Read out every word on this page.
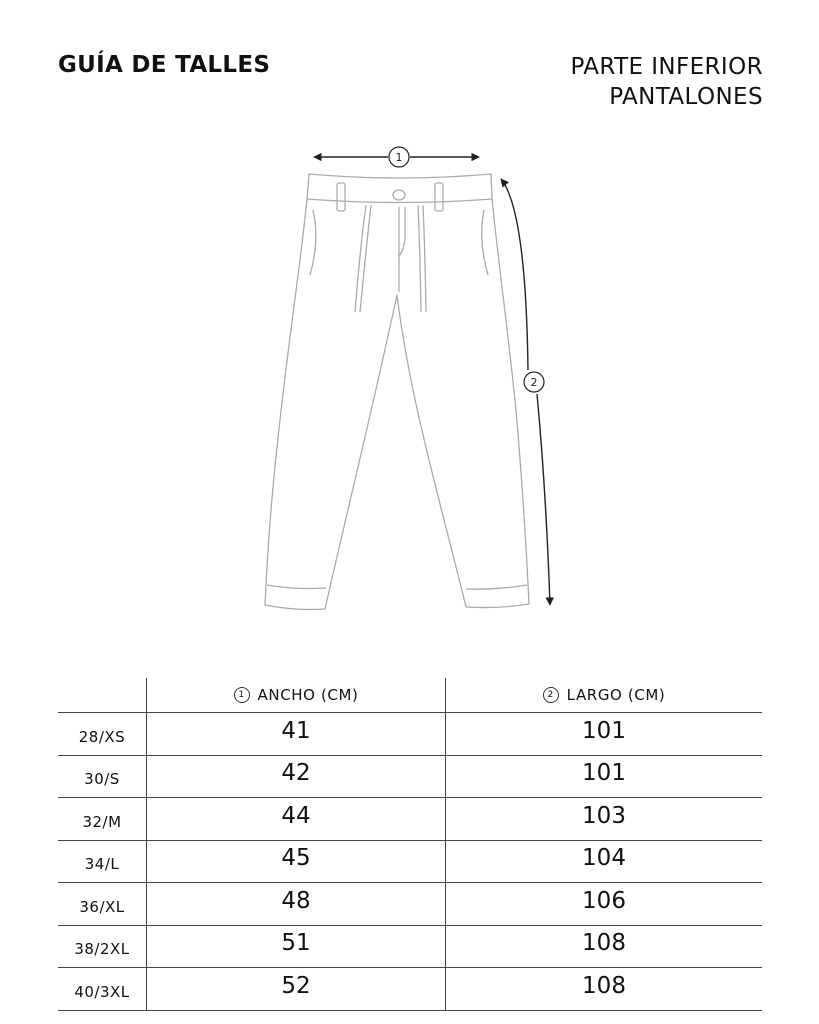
GUÍA DE TALLES	PARTE INFERIOR
PANTALONES
1
2
	1 ANCHO (CM)	2 LARGO (CM)
28/XS	41	101
30/S	42	101
32/M	44	103
34/L	45	104
36/XL	48	106
38/2XL	51	108
40/3XL	52	108
